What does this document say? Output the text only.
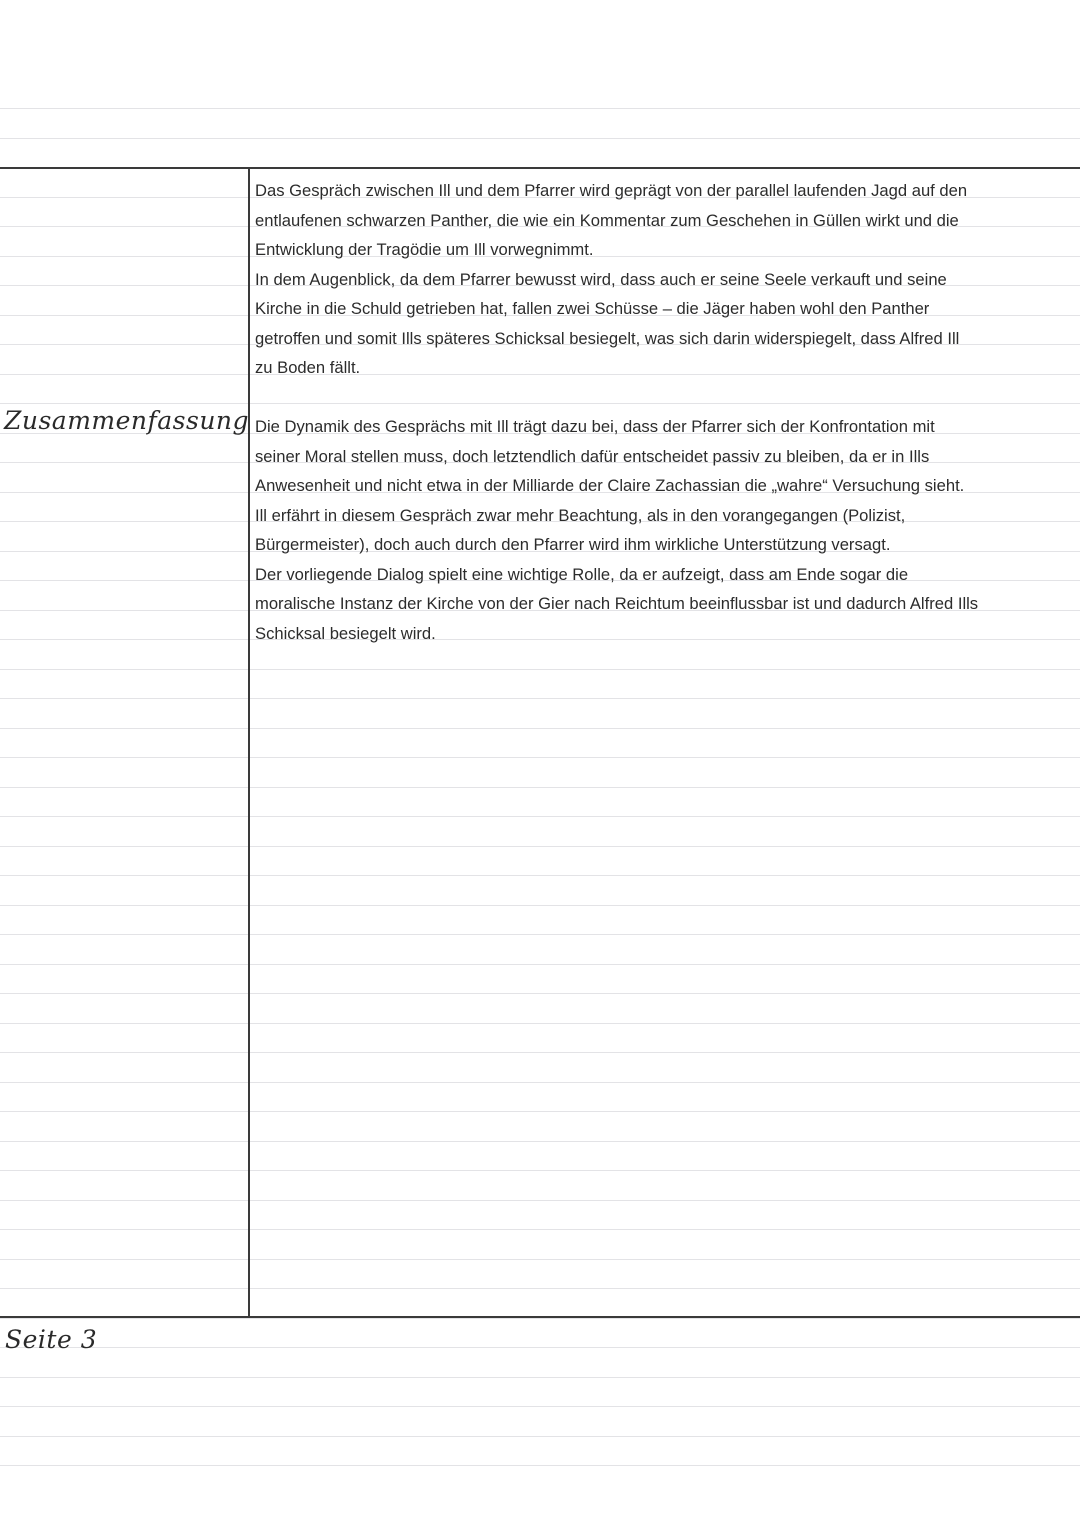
Zusammenfassung
Das Gespräch zwischen Ill und dem Pfarrer wird geprägt von der parallel laufenden Jagd auf den
entlaufenen schwarzen Panther, die wie ein Kommentar zum Geschehen in Güllen wirkt und die
Entwicklung der Tragödie um Ill vorwegnimmt.
In dem Augenblick, da dem Pfarrer bewusst wird, dass auch er seine Seele verkauft und seine
Kirche in die Schuld getrieben hat, fallen zwei Schüsse – die Jäger haben wohl den Panther
getroffen und somit Ills späteres Schicksal besiegelt, was sich darin widerspiegelt, dass Alfred Ill
zu Boden fällt.
Die Dynamik des Gesprächs mit Ill trägt dazu bei, dass der Pfarrer sich der Konfrontation mit
seiner Moral stellen muss, doch letztendlich dafür entscheidet passiv zu bleiben, da er in Ills
Anwesenheit und nicht etwa in der Milliarde der Claire Zachassian die „wahre“ Versuchung sieht.
Ill erfährt in diesem Gespräch zwar mehr Beachtung, als in den vorangegangen (Polizist,
Bürgermeister), doch auch durch den Pfarrer wird ihm wirkliche Unterstützung versagt.
Der vorliegende Dialog spielt eine wichtige Rolle, da er aufzeigt, dass am Ende sogar die
moralische Instanz der Kirche von der Gier nach Reichtum beeinflussbar ist und dadurch Alfred Ills
Schicksal besiegelt wird.
Seite 3
